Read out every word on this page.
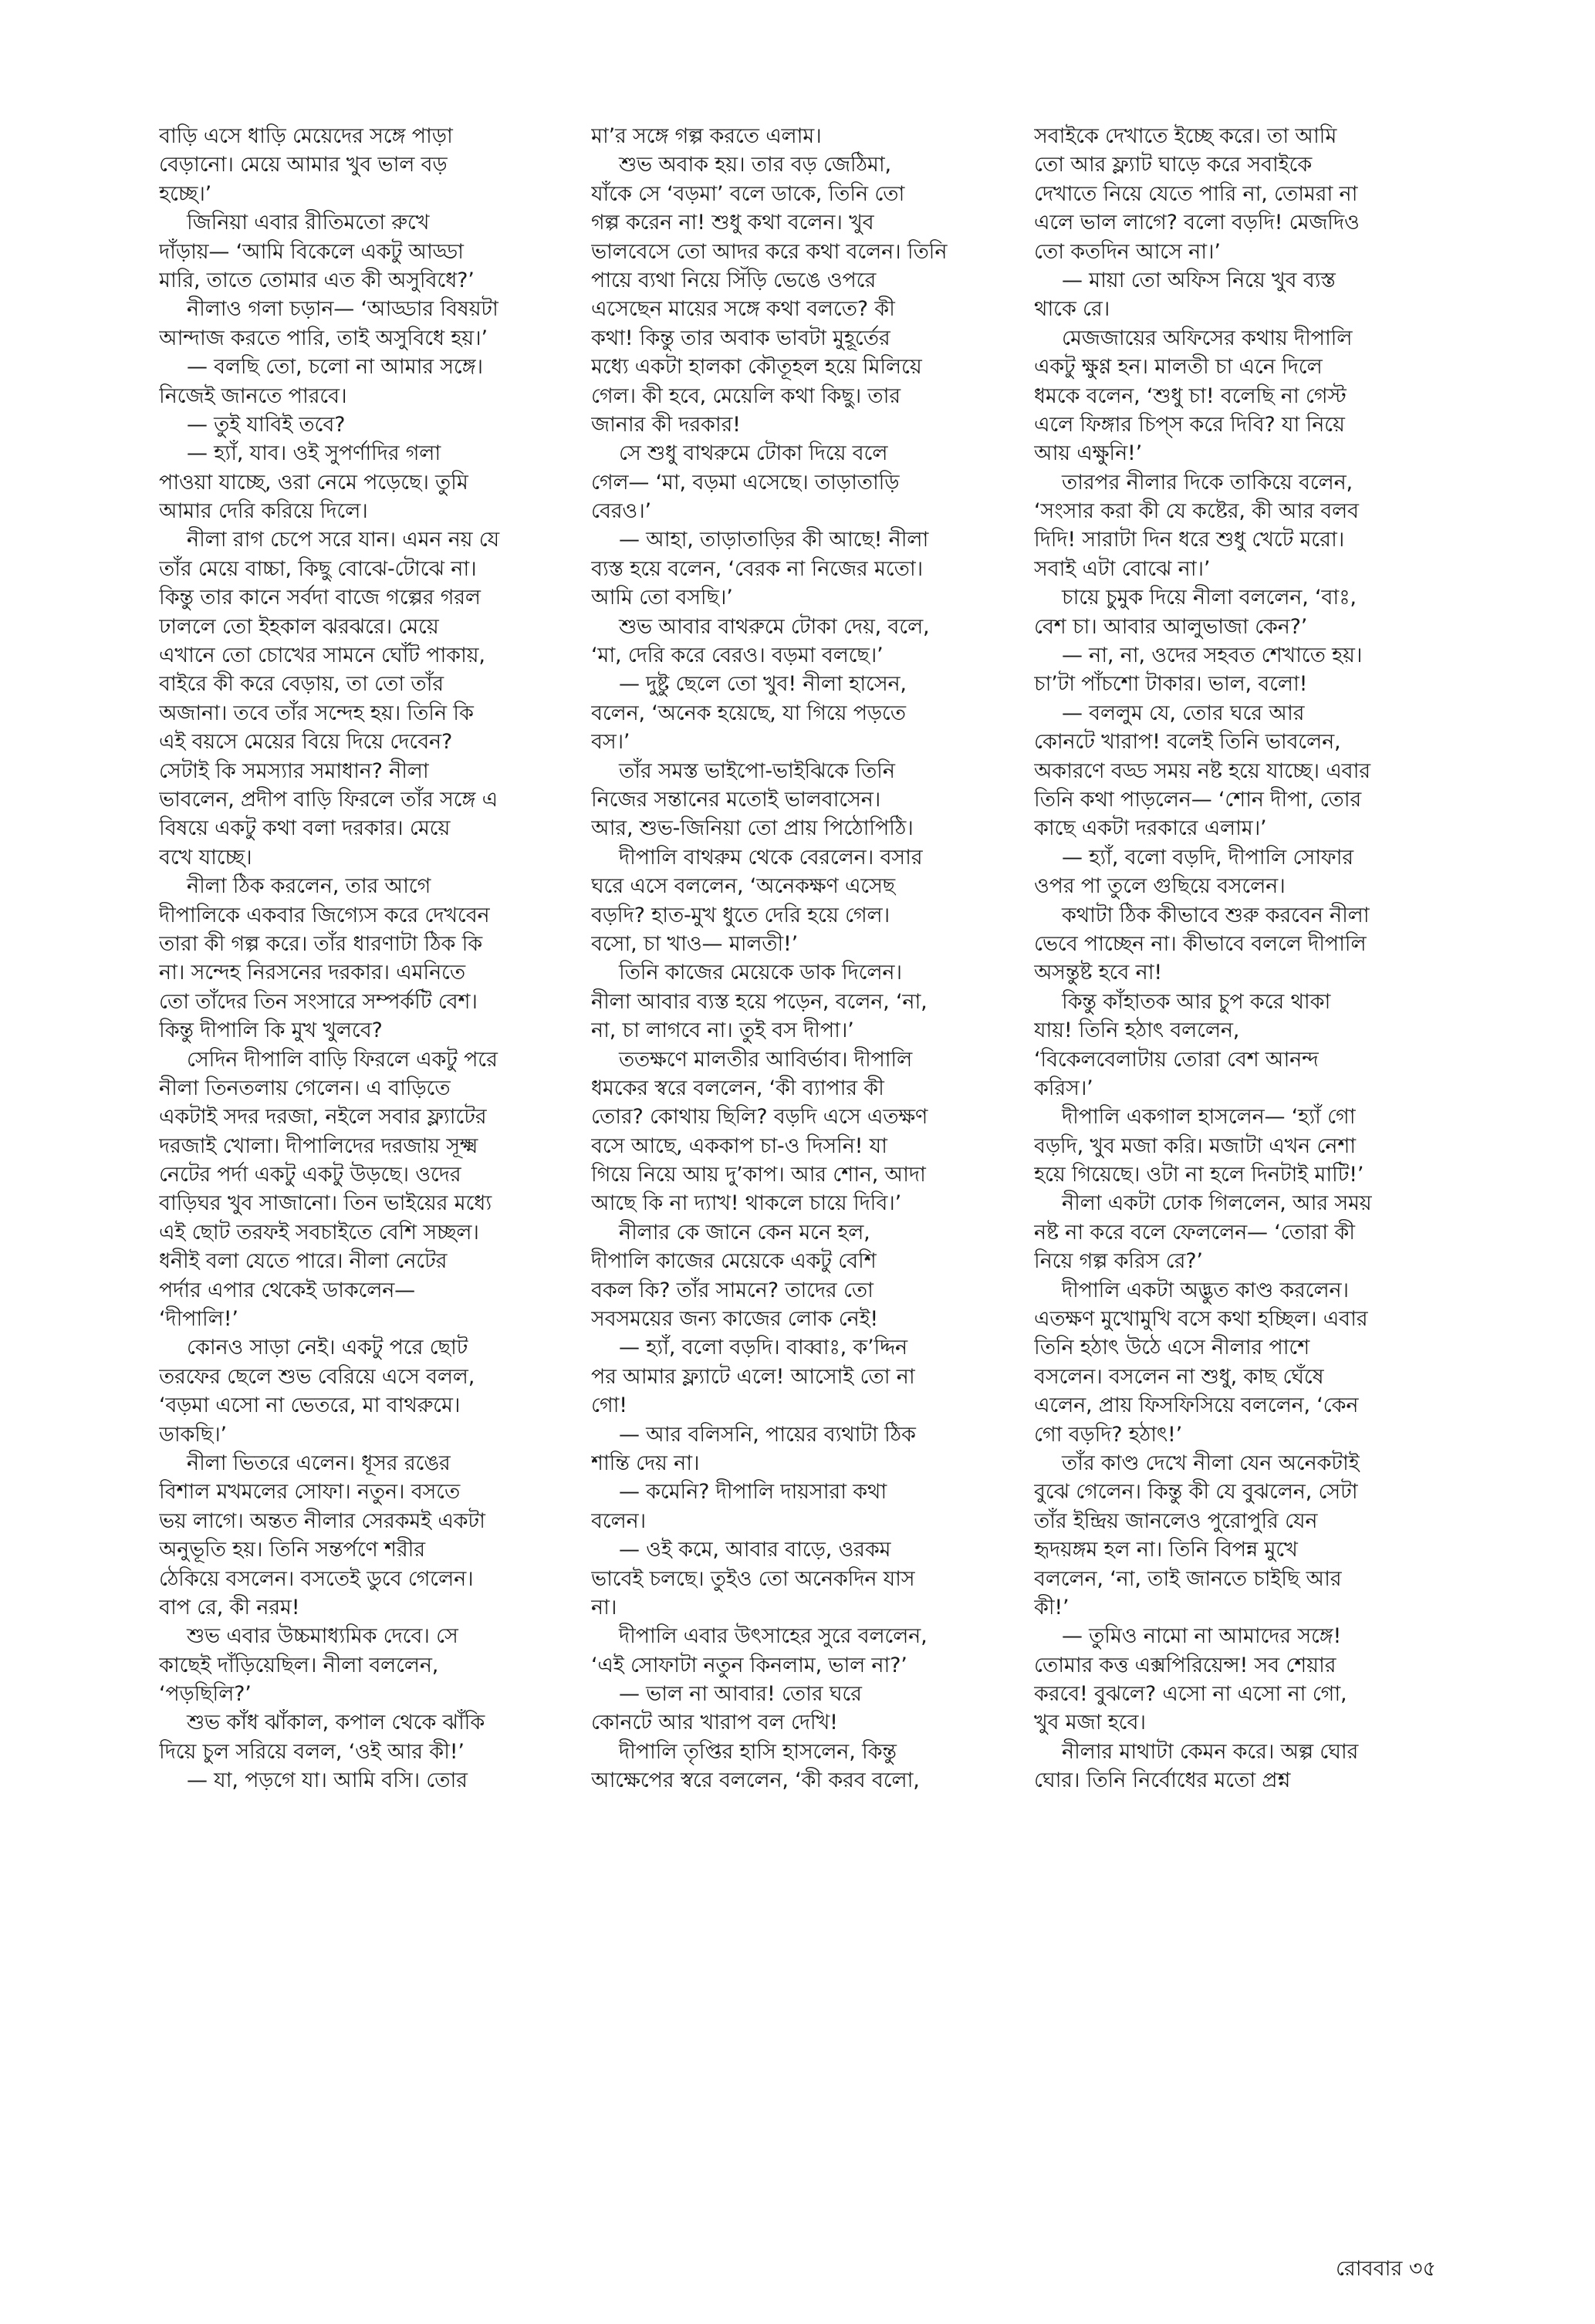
বাড়ি এসে ধাড়ি মেয়েদের সঙ্গে পাড়া
বেড়ানো। মেয়ে আমার খুব ভাল বড়
হচ্ছে।’
জিনিয়া এবার রীতিমতো রুখে
দাঁড়ায়— ‘আমি বিকেলে একটু আড্ডা
মারি, তাতে তোমার এত কী অসুবিধে?’
নীলাও গলা চড়ান— ‘আড্ডার বিষয়টা
আন্দাজ করতে পারি, তাই অসুবিধে হয়।’
— বলছি তো, চলো না আমার সঙ্গে।
নিজেই জানতে পারবে।
— তুই যাবিই তবে?
— হ্যাঁ, যাব। ওই সুপর্ণাদির গলা
পাওয়া যাচ্ছে, ওরা নেমে পড়েছে। তুমি
আমার দেরি করিয়ে দিলে।
নীলা রাগ চেপে সরে যান। এমন নয় যে
তাঁর মেয়ে বাচ্চা, কিছু বোঝে-টোঝে না।
কিন্তু তার কানে সর্বদা বাজে গল্পের গরল
ঢাললে তো ইহকাল ঝরঝরে। মেয়ে
এখানে তো চোখের সামনে ঘোঁট পাকায়,
বাইরে কী করে বেড়ায়, তা তো তাঁর
অজানা। তবে তাঁর সন্দেহ হয়। তিনি কি
এই বয়সে মেয়ের বিয়ে দিয়ে দেবেন?
সেটাই কি সমস্যার সমাধান? নীলা
ভাবলেন, প্রদীপ বাড়ি ফিরলে তাঁর সঙ্গে এ
বিষয়ে একটু কথা বলা দরকার। মেয়ে
বখে যাচ্ছে।
নীলা ঠিক করলেন, তার আগে
দীপালিকে একবার জিগ্যেস করে দেখবেন
তারা কী গল্প করে। তাঁর ধারণাটা ঠিক কি
না। সন্দেহ নিরসনের দরকার। এমনিতে
তো তাঁদের তিন সংসারে সম্পর্কটি বেশ।
কিন্তু দীপালি কি মুখ খুলবে?
সেদিন দীপালি বাড়ি ফিরলে একটু পরে
নীলা তিনতলায় গেলেন। এ বাড়িতে
একটাই সদর দরজা, নইলে সবার ফ্ল্যাটের
দরজাই খোলা। দীপালিদের দরজায় সূক্ষ্ম
নেটের পর্দা একটু একটু উড়ছে। ওদের
বাড়িঘর খুব সাজানো। তিন ভাইয়ের মধ্যে
এই ছোট তরফই সবচাইতে বেশি সচ্ছল।
ধনীই বলা যেতে পারে। নীলা নেটের
পর্দার এপার থেকেই ডাকলেন—
‘দীপালি!’
কোনও সাড়া নেই। একটু পরে ছোট
তরফের ছেলে শুভ বেরিয়ে এসে বলল,
‘বড়মা এসো না ভেতরে, মা বাথরুমে।
ডাকছি।’
নীলা ভিতরে এলেন। ধূসর রঙের
বিশাল মখমলের সোফা। নতুন। বসতে
ভয় লাগে। অন্তত নীলার সেরকমই একটা
অনুভূতি হয়। তিনি সন্তর্পণে শরীর
ঠেকিয়ে বসলেন। বসতেই ডুবে গেলেন।
বাপ রে, কী নরম!
শুভ এবার উচ্চমাধ্যমিক দেবে। সে
কাছেই দাঁড়িয়েছিল। নীলা বললেন,
‘পড়ছিলি?’
শুভ কাঁধ ঝাঁকাল, কপাল থেকে ঝাঁকি
দিয়ে চুল সরিয়ে বলল, ‘ওই আর কী!’
— যা, পড়গে যা। আমি বসি। তোর
মা’র সঙ্গে গল্প করতে এলাম।
শুভ অবাক হয়। তার বড় জেঠিমা,
যাঁকে সে ‘বড়মা’ বলে ডাকে, তিনি তো
গল্প করেন না! শুধু কথা বলেন। খুব
ভালবেসে তো আদর করে কথা বলেন। তিনি
পায়ে ব্যথা নিয়ে সিঁড়ি ভেঙে ওপরে
এসেছেন মায়ের সঙ্গে কথা বলতে? কী
কথা! কিন্তু তার অবাক ভাবটা মুহূর্তের
মধ্যে একটা হালকা কৌতূহল হয়ে মিলিয়ে
গেল। কী হবে, মেয়েলি কথা কিছু। তার
জানার কী দরকার!
সে শুধু বাথরুমে টোকা দিয়ে বলে
গেল— ‘মা, বড়মা এসেছে। তাড়াতাড়ি
বেরও।’
— আহা, তাড়াতাড়ির কী আছে! নীলা
ব্যস্ত হয়ে বলেন, ‘বেরক না নিজের মতো।
আমি তো বসছি।’
শুভ আবার বাথরুমে টোকা দেয়, বলে,
‘মা, দেরি করে বেরও। বড়মা বলছে।’
— দুষ্টু ছেলে তো খুব! নীলা হাসেন,
বলেন, ‘অনেক হয়েছে, যা গিয়ে পড়তে
বস।’
তাঁর সমস্ত ভাইপো-ভাইঝিকে তিনি
নিজের সন্তানের মতোই ভালবাসেন।
আর, শুভ-জিনিয়া তো প্রায় পিঠোপিঠি।
দীপালি বাথরুম থেকে বেরলেন। বসার
ঘরে এসে বললেন, ‘অনেকক্ষণ এসেছ
বড়দি? হাত-মুখ ধুতে দেরি হয়ে গেল।
বসো, চা খাও— মালতী!’
তিনি কাজের মেয়েকে ডাক দিলেন।
নীলা আবার ব্যস্ত হয়ে পড়েন, বলেন, ‘না,
না, চা লাগবে না। তুই বস দীপা।’
ততক্ষণে মালতীর আবির্ভাব। দীপালি
ধমকের স্বরে বললেন, ‘কী ব্যাপার কী
তোর? কোথায় ছিলি? বড়দি এসে এতক্ষণ
বসে আছে, এককাপ চা-ও দিসনি! যা
গিয়ে নিয়ে আয় দু’কাপ। আর শোন, আদা
আছে কি না দ্যাখ! থাকলে চায়ে দিবি।’
নীলার কে জানে কেন মনে হল,
দীপালি কাজের মেয়েকে একটু বেশি
বকল কি? তাঁর সামনে? তাদের তো
সবসময়ের জন্য কাজের লোক নেই!
— হ্যাঁ, বলো বড়দি। বাব্বাঃ, ক’দ্দিন
পর আমার ফ্ল্যাটে এলে! আসোই তো না
গো!
— আর বলিসনি, পায়ের ব্যথাটা ঠিক
শান্তি দেয় না।
— কমেনি? দীপালি দায়সারা কথা
বলেন।
— ওই কমে, আবার বাড়ে, ওরকম
ভাবেই চলছে। তুইও তো অনেকদিন যাস
না।
দীপালি এবার উৎসাহের সুরে বললেন,
‘এই সোফাটা নতুন কিনলাম, ভাল না?’
— ভাল না আবার! তোর ঘরে
কোনটে আর খারাপ বল দেখি!
দীপালি তৃপ্তির হাসি হাসলেন, কিন্তু
আক্ষেপের স্বরে বললেন, ‘কী করব বলো,
সবাইকে দেখাতে ইচ্ছে করে। তা আমি
তো আর ফ্ল্যাট ঘাড়ে করে সবাইকে
দেখাতে নিয়ে যেতে পারি না, তোমরা না
এলে ভাল লাগে? বলো বড়দি! মেজদিও
তো কতদিন আসে না।’
— মায়া তো অফিস নিয়ে খুব ব্যস্ত
থাকে রে।
মেজজায়ের অফিসের কথায় দীপালি
একটু ক্ষুণ্ণ হন। মালতী চা এনে দিলে
ধমকে বলেন, ‘শুধু চা! বলেছি না গেস্ট
এলে ফিঙ্গার চিপ্‌স করে দিবি? যা নিয়ে
আয় এক্ষুনি!’
তারপর নীলার দিকে তাকিয়ে বলেন,
‘সংসার করা কী যে কষ্টের, কী আর বলব
দিদি! সারাটা দিন ধরে শুধু খেটে মরো।
সবাই এটা বোঝে না।’
চায়ে চুমুক দিয়ে নীলা বললেন, ‘বাঃ,
বেশ চা। আবার আলুভাজা কেন?’
— না, না, ওদের সহবত শেখাতে হয়।
চা’টা পাঁচশো টাকার। ভাল, বলো!
— বললুম যে, তোর ঘরে আর
কোনটে খারাপ! বলেই তিনি ভাবলেন,
অকারণে বড্ড সময় নষ্ট হয়ে যাচ্ছে। এবার
তিনি কথা পাড়লেন— ‘শোন দীপা, তোর
কাছে একটা দরকারে এলাম।’
— হ্যাঁ, বলো বড়দি, দীপালি সোফার
ওপর পা তুলে গুছিয়ে বসলেন।
কথাটা ঠিক কীভাবে শুরু করবেন নীলা
ভেবে পাচ্ছেন না। কীভাবে বললে দীপালি
অসন্তুষ্ট হবে না!
কিন্তু কাঁহাতক আর চুপ করে থাকা
যায়! তিনি হঠাৎ বললেন,
‘বিকেলবেলাটায় তোরা বেশ আনন্দ
করিস।’
দীপালি একগাল হাসলেন— ‘হ্যাঁ গো
বড়দি, খুব মজা করি। মজাটা এখন নেশা
হয়ে গিয়েছে। ওটা না হলে দিনটাই মাটি!’
নীলা একটা ঢোক গিললেন, আর সময়
নষ্ট না করে বলে ফেললেন— ‘তোরা কী
নিয়ে গল্প করিস রে?’
দীপালি একটা অদ্ভুত কাণ্ড করলেন।
এতক্ষণ মুখোমুখি বসে কথা হচ্ছিল। এবার
তিনি হঠাৎ উঠে এসে নীলার পাশে
বসলেন। বসলেন না শুধু, কাছ ঘেঁষে
এলেন, প্রায় ফিসফিসিয়ে বললেন, ‘কেন
গো বড়দি? হঠাৎ!’
তাঁর কাণ্ড দেখে নীলা যেন অনেকটাই
বুঝে গেলেন। কিন্তু কী যে বুঝলেন, সেটা
তাঁর ইন্দ্রিয় জানলেও পুরোপুরি যেন
হৃদয়ঙ্গম হল না। তিনি বিপন্ন মুখে
বললেন, ‘না, তাই জানতে চাইছি আর
কী!’
— তুমিও নামো না আমাদের সঙ্গে!
তোমার কত্ত এক্সপিরিয়েন্স! সব শেয়ার
করবে! বুঝলে? এসো না এসো না গো,
খুব মজা হবে।
নীলার মাথাটা কেমন করে। অল্প ঘোর
ঘোর। তিনি নির্বোধের মতো প্রশ্ন
রোববার ৩৫
